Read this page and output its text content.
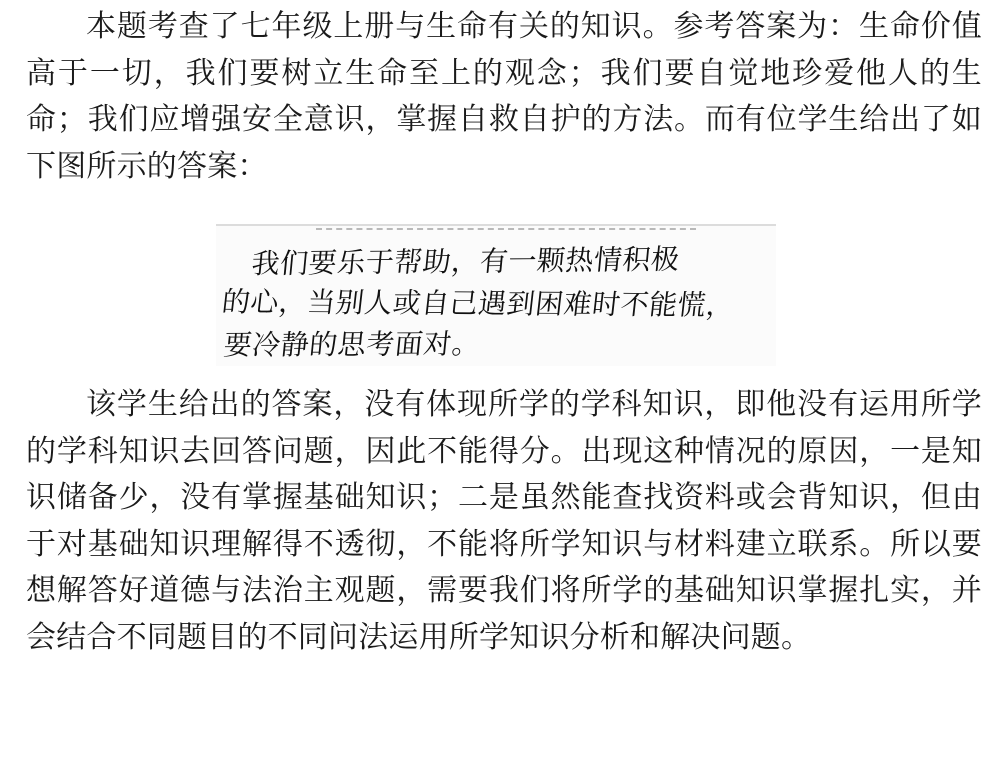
本题考查了七年级上册与生命有关的知识。参考答案为：生命价值高于一切，我们要树立生命至上的观念；我们要自觉地珍爱他人的生命；我们应增强安全意识，掌握自救自护的方法。而有位学生给出了如下图所示的答案：

我们要乐于帮助，有一颗热情积极

的心，当别人或自己遇到困难时不能慌，

要冷静的思考面对。

该学生给出的答案，没有体现所学的学科知识，即他没有运用所学的学科知识去回答问题，因此不能得分。出现这种情况的原因，一是知识储备少，没有掌握基础知识；二是虽然能查找资料或会背知识，但由于对基础知识理解得不透彻，不能将所学知识与材料建立联系。所以要想解答好道德与法治主观题，需要我们将所学的基础知识掌握扎实，并会结合不同题目的不同问法运用所学知识分析和解决问题。
